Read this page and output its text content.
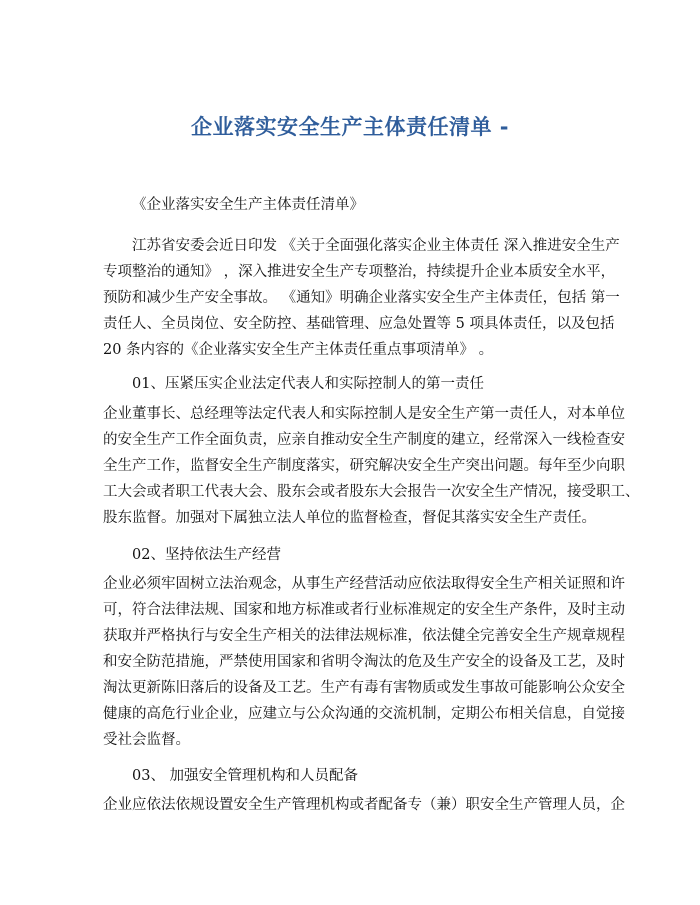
企业落实安全生产主体责任清单 -
《企业落实安全生产主体责任清单》
江苏省安委会近日印发 《关于全面强化落实企业主体责任 深入推进安全生产
专项整治的通知》 ，深入推进安全生产专项整治，持续提升企业本质安全水平，
预防和减少生产安全事故。 《通知》明确企业落实安全生产主体责任，包括 第一
责任人、全员岗位、安全防控、基础管理、应急处置等 5 项具体责任，以及包括
20 条内容的《企业落实安全生产主体责任重点事项清单》 。
01、压紧压实企业法定代表人和实际控制人的第一责任
企业董事长、总经理等法定代表人和实际控制人是安全生产第一责任人，对本单位
的安全生产工作全面负责，应亲自推动安全生产制度的建立，经常深入一线检查安
全生产工作，监督安全生产制度落实，研究解决安全生产突出问题。每年至少向职
工大会或者职工代表大会、股东会或者股东大会报告一次安全生产情况，接受职工、
股东监督。加强对下属独立法人单位的监督检查，督促其落实安全生产责任。
02、坚持依法生产经营
企业必须牢固树立法治观念，从事生产经营活动应依法取得安全生产相关证照和许
可，符合法律法规、国家和地方标准或者行业标准规定的安全生产条件，及时主动
获取并严格执行与安全生产相关的法律法规标准，依法健全完善安全生产规章规程
和安全防范措施，严禁使用国家和省明令淘汰的危及生产安全的设备及工艺，及时
淘汰更新陈旧落后的设备及工艺。生产有毒有害物质或发生事故可能影响公众安全
健康的高危行业企业，应建立与公众沟通的交流机制，定期公布相关信息，自觉接
受社会监督。
03、 加强安全管理机构和人员配备
企业应依法依规设置安全生产管理机构或者配备专（兼）职安全生产管理人员，企
